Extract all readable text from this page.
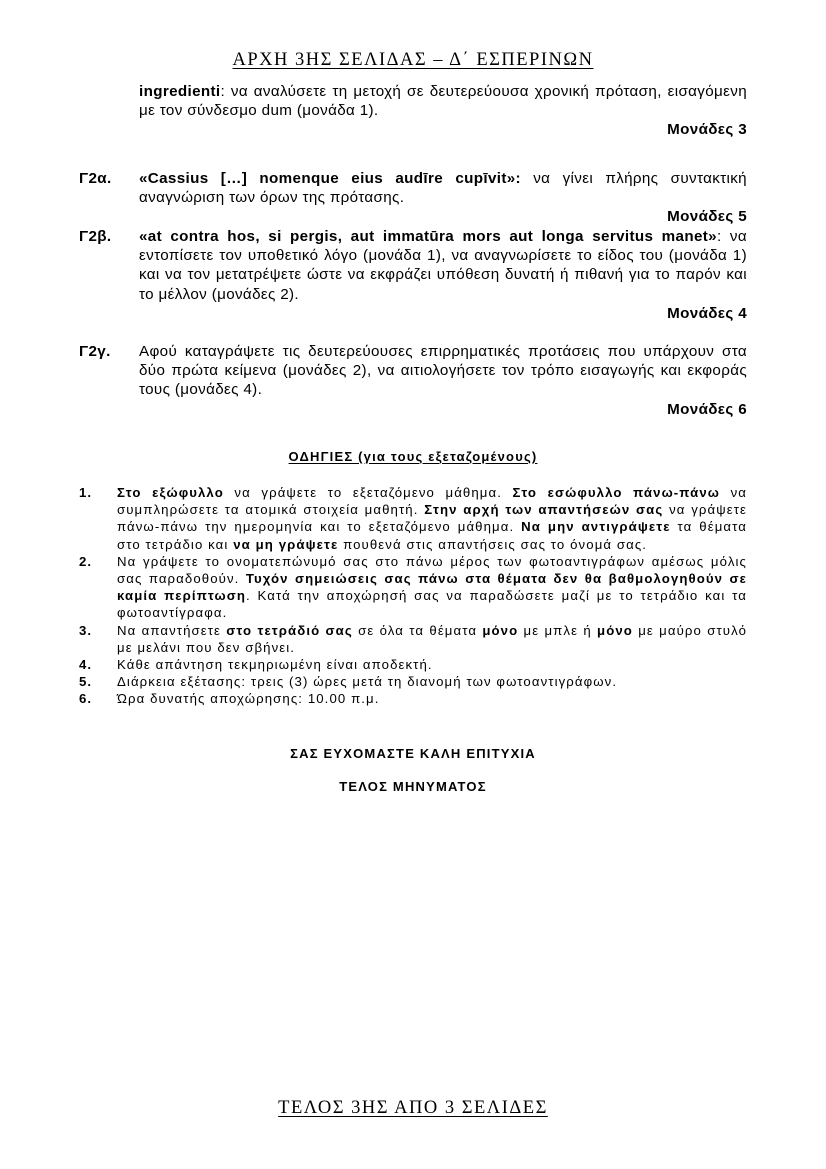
ΑΡΧΗ 3ΗΣ ΣΕΛΙΔΑΣ – Δ΄ ΕΣΠΕΡΙΝΩΝ
ingredienti: να αναλύσετε τη μετοχή σε δευτερεύουσα χρονική πρόταση, εισαγόμενη με τον σύνδεσμο dum (μονάδα 1).
Μονάδες 3
Γ2α. «Cassius […] nomenque eius audīre cupīvit»: να γίνει πλήρης συντακτική αναγνώριση των όρων της πρότασης.
Μονάδες 5
Γ2β. «at contra hos, si pergis, aut immatūra mors aut longa servitus manet»: να εντοπίσετε τον υποθετικό λόγο (μονάδα 1), να αναγνωρίσετε το είδος του (μονάδα 1) και να τον μετατρέψετε ώστε να εκφράζει υπόθεση δυνατή ή πιθανή για το παρόν και το μέλλον (μονάδες 2).
Μονάδες 4
Γ2γ. Αφού καταγράψετε τις δευτερεύουσες επιρρηματικές προτάσεις που υπάρχουν στα δύο πρώτα κείμενα (μονάδες 2), να αιτιολογήσετε τον τρόπο εισαγωγής και εκφοράς τους (μονάδες 4).
Μονάδες 6
ΟΔΗΓΙΕΣ (για τους εξεταζομένους)
1. Στο εξώφυλλο να γράψετε το εξεταζόμενο μάθημα. Στο εσώφυλλο πάνω-πάνω να συμπληρώσετε τα ατομικά στοιχεία μαθητή. Στην αρχή των απαντήσεών σας να γράψετε πάνω-πάνω την ημερομηνία και το εξεταζόμενο μάθημα. Να μην αντιγράψετε τα θέματα στο τετράδιο και να μη γράψετε πουθενά στις απαντήσεις σας το όνομά σας.
2. Να γράψετε το ονοματεπώνυμό σας στο πάνω μέρος των φωτοαντιγράφων αμέσως μόλις σας παραδοθούν. Τυχόν σημειώσεις σας πάνω στα θέματα δεν θα βαθμολογηθούν σε καμία περίπτωση. Κατά την αποχώρησή σας να παραδώσετε μαζί με το τετράδιο και τα φωτοαντίγραφα.
3. Να απαντήσετε στο τετράδιό σας σε όλα τα θέματα μόνο με μπλε ή μόνο με μαύρο στυλό με μελάνι που δεν σβήνει.
4. Κάθε απάντηση τεκμηριωμένη είναι αποδεκτή.
5. Διάρκεια εξέτασης: τρεις (3) ώρες μετά τη διανομή των φωτοαντιγράφων.
6. Ώρα δυνατής αποχώρησης: 10.00 π.μ.
ΣΑΣ ΕΥΧΟΜΑΣΤΕ ΚΑΛΗ ΕΠΙΤΥΧΙΑ
ΤΕΛΟΣ ΜΗΝΥΜΑΤΟΣ
ΤΕΛΟΣ 3ΗΣ ΑΠΟ 3 ΣΕΛΙΔΕΣ
